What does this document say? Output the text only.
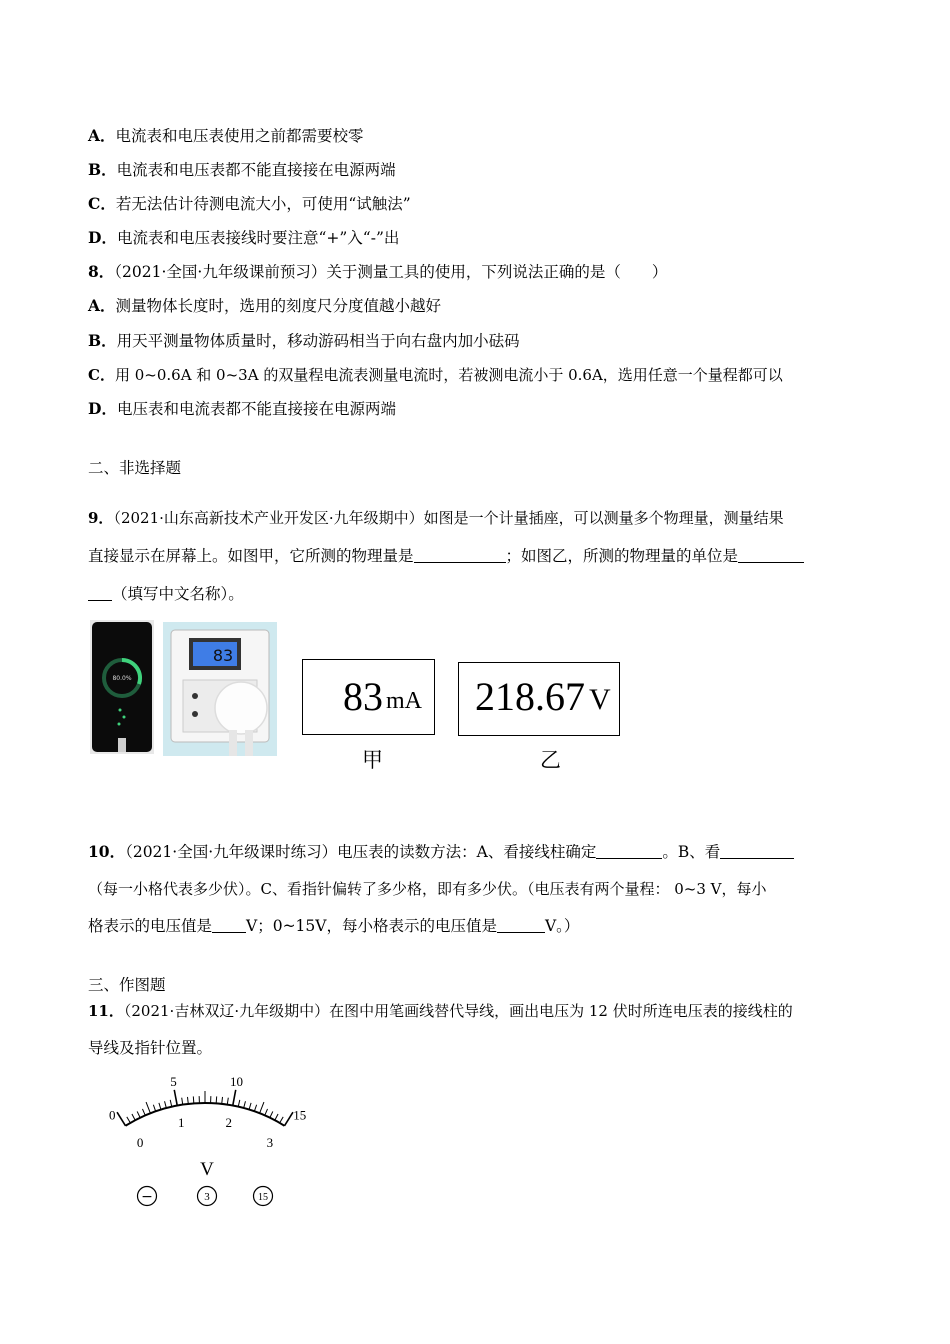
A．电流表和电压表使用之前都需要校零
B．电流表和电压表都不能直接接在电源两端
C．若无法估计待测电流大小，可使用“试触法”
D．电流表和电压表接线时要注意“+”入“-”出
8．（2021·全国·九年级课前预习）关于测量工具的使用，下列说法正确的是（　　）
A．测量物体长度时，选用的刻度尺分度值越小越好
B．用天平测量物体质量时，移动游码相当于向右盘内加小砝码
C．用 0~0.6A 和 0~3A 的双量程电流表测量电流时，若被测电流小于 0.6A，选用任意一个量程都可以
D．电压表和电流表都不能直接接在电源两端
二、非选择题
9．（2021·山东高新技术产业开发区·九年级期中）如图是一个计量插座，可以测量多个物理量，测量结果
直接显示在屏幕上。如图甲，它所测的物理量是	；如图乙，所测的物理量的单位是
（填写中文名称）。
80.0%
83
83 mA
甲
218.67 V
乙
10．（2021·全国·九年级课时练习）电压表的读数方法：A、看接线柱确定	。B、看
（每一小格代表多少伏）。C、看指针偏转了多少格，即有多少伏。（电压表有两个量程： 0~3 V，每小
格表示的电压值是 V；0~15V，每小格表示的电压值是	V。）
三、作图题
11．（2021·吉林双辽·九年级期中）在图中用笔画线替代导线，画出电压为 12 伏时所连电压表的接线柱的
导线及指针位置。
0
5	10
15
0
1	2
3
V
−	3	15
